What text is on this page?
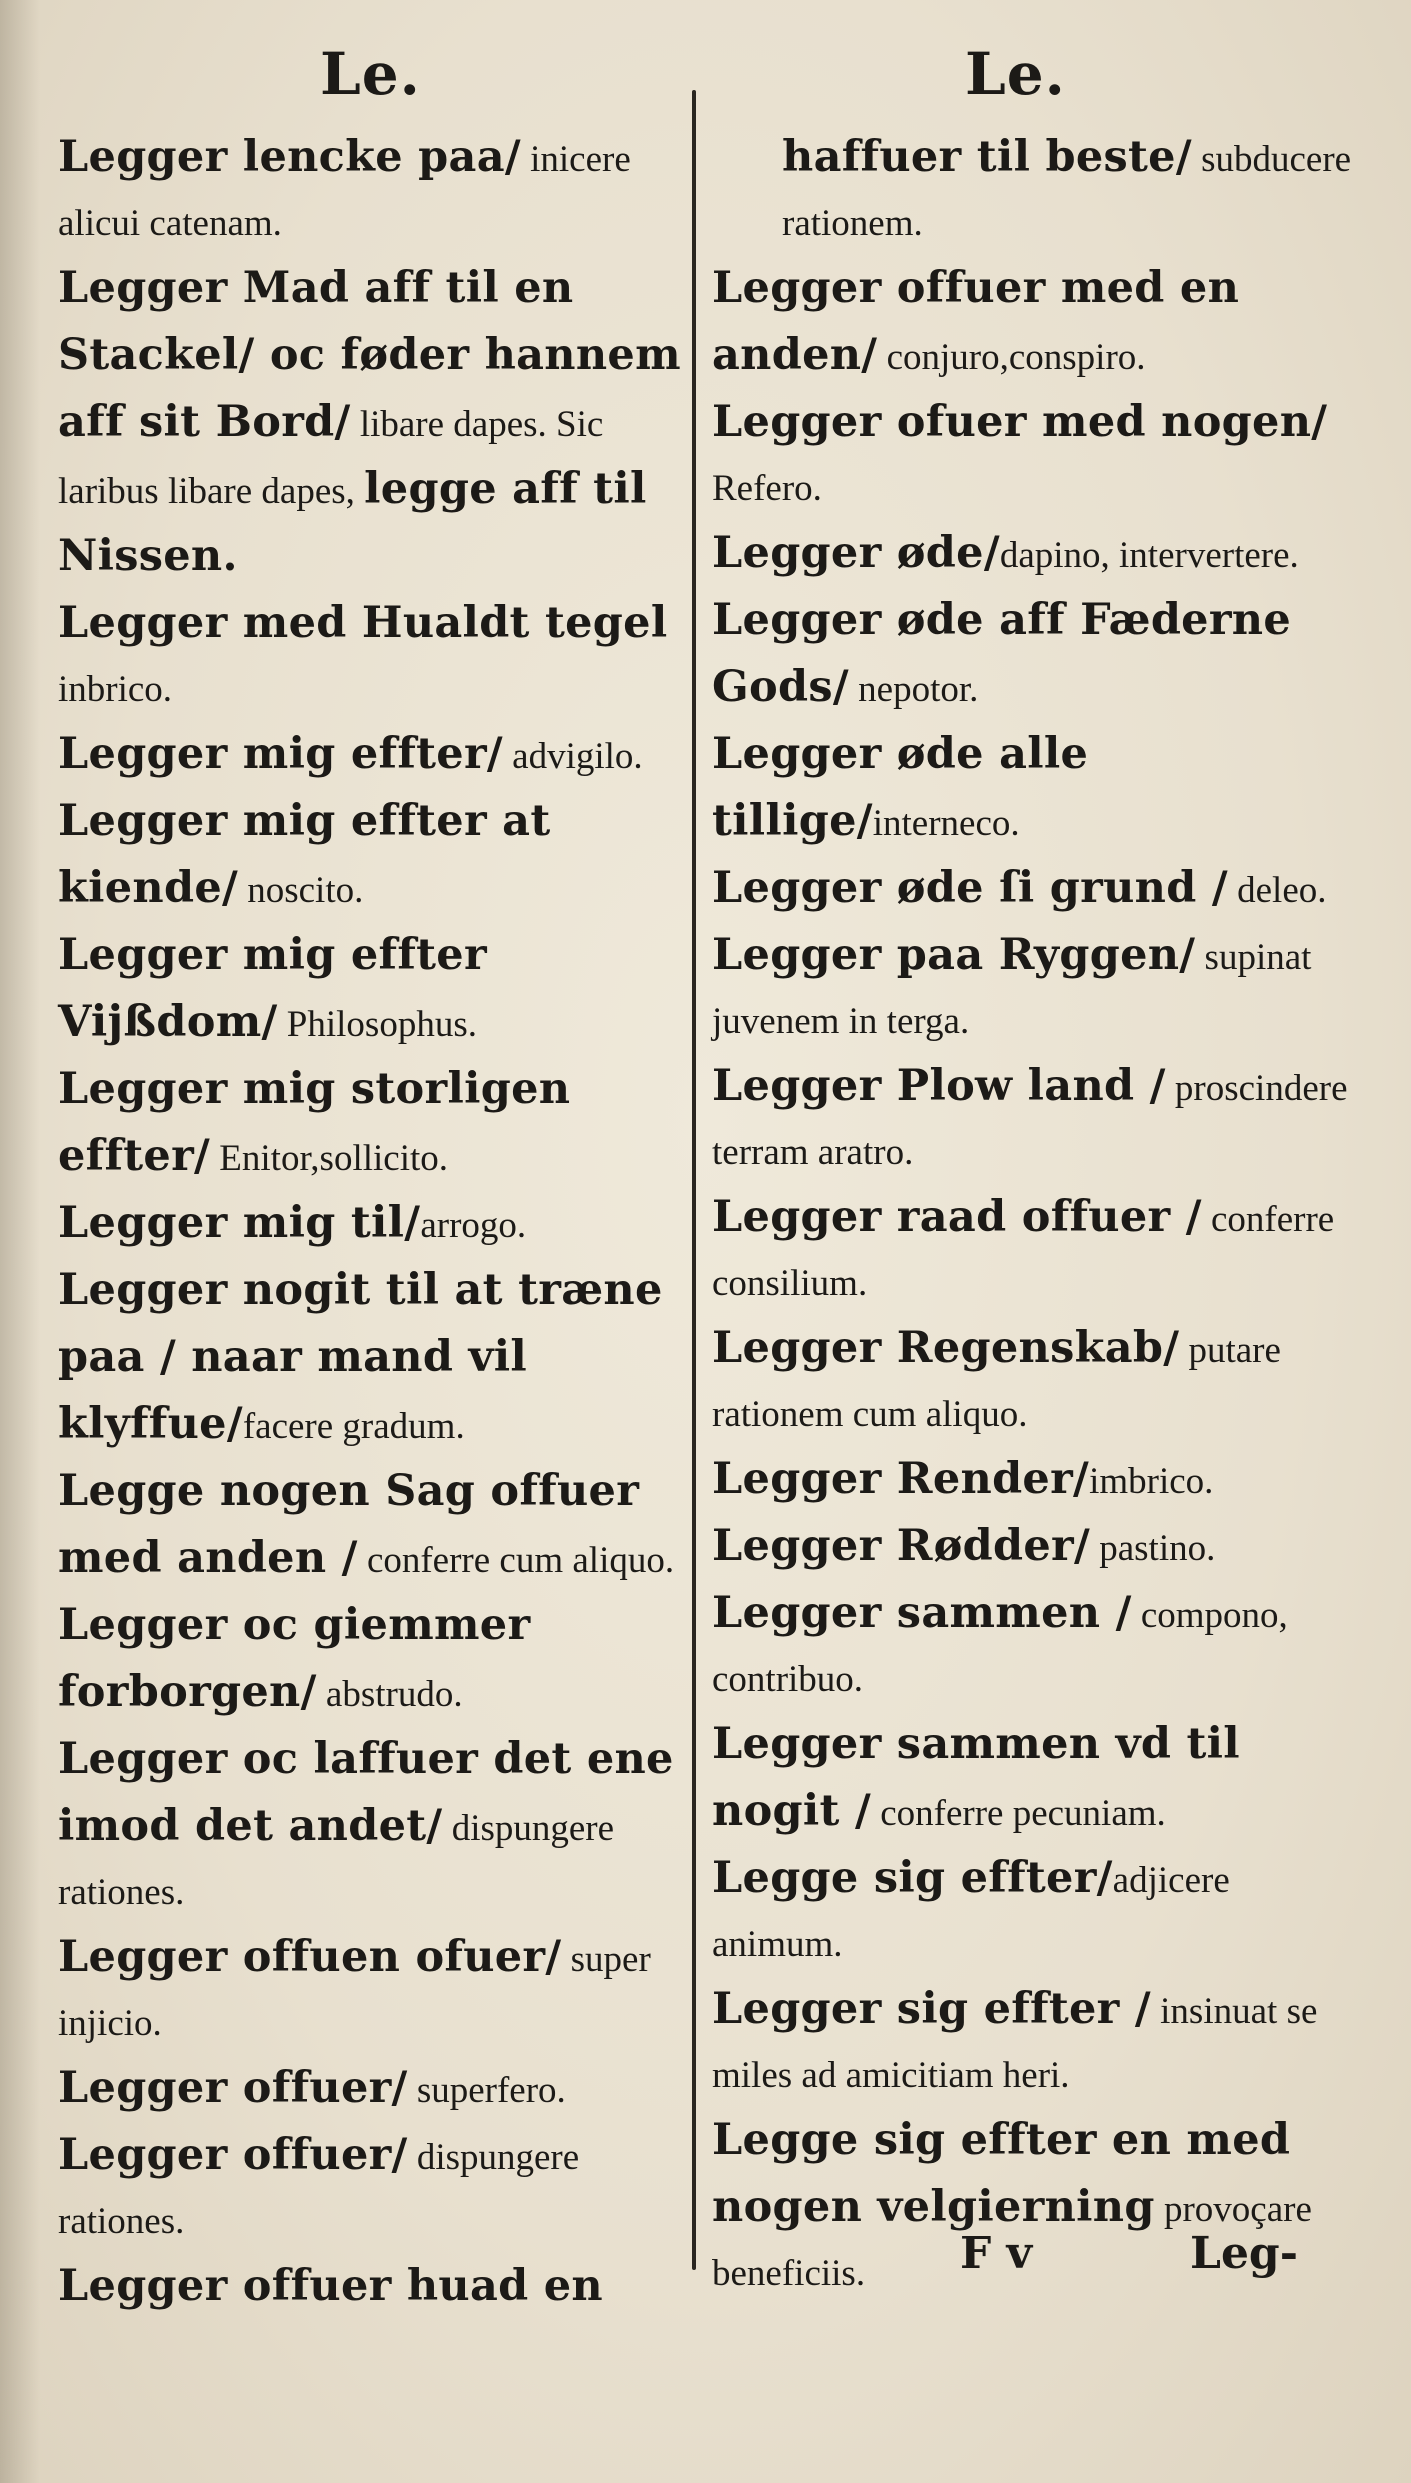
Le.	Le.

Legger lencke paa/ inicere alicui catenam.

Legger Mad aff til en Stackel/ oc føder hannem aff sit Bord/ libare dapes. Sic laribus libare dapes, legge aff til Nissen.

Legger med Hualdt tegel inbrico.

Legger mig effter/ advigilo.

Legger mig effter at kiende/ noscito.

Legger mig effter Vijßdom/ Philosophus.

Legger mig storligen effter/ Enitor,sollicito.

Legger mig til/arrogo.

Legger nogit til at træne paa / naar mand vil klyffue/facere gradum.

Legge nogen Sag offuer med anden / conferre cum aliquo.

Legger oc giemmer forborgen/ abstrudo.

Legger oc laffuer det ene imod det andet/ dispungere rationes.

Legger offuen ofuer/ super injicio.

Legger offuer/ superfero.

Legger offuer/ dispungere rationes.

Legger offuer huad en

haffuer til beste/ subducere rationem.

Legger offuer med en anden/ conjuro,conspiro.

Legger ofuer med nogen/ Refero.

Legger øde/dapino, intervertere.

Legger øde aff Fæderne Gods/ nepotor.

Legger øde alle tillige/interneco.

Legger øde ſi grund / deleo.

Legger paa Ryggen/ supinat juvenem in terga.

Legger Plow land / proscindere terram aratro.

Legger raad offuer / conferre consilium.

Legger Regenskab/ putare rationem cum aliquo.

Legger Render/imbrico.

Legger Rødder/ pastino.

Legger sammen / compono, contribuo.

Legger sammen vd til nogit / conferre pecuniam.

Legge sig effter/adjicere animum.

Legger sig effter / insinuat se miles ad amicitiam heri.

Legge sig effter en med nogen velgierning provoçare beneficiis.	F v	Leg-
